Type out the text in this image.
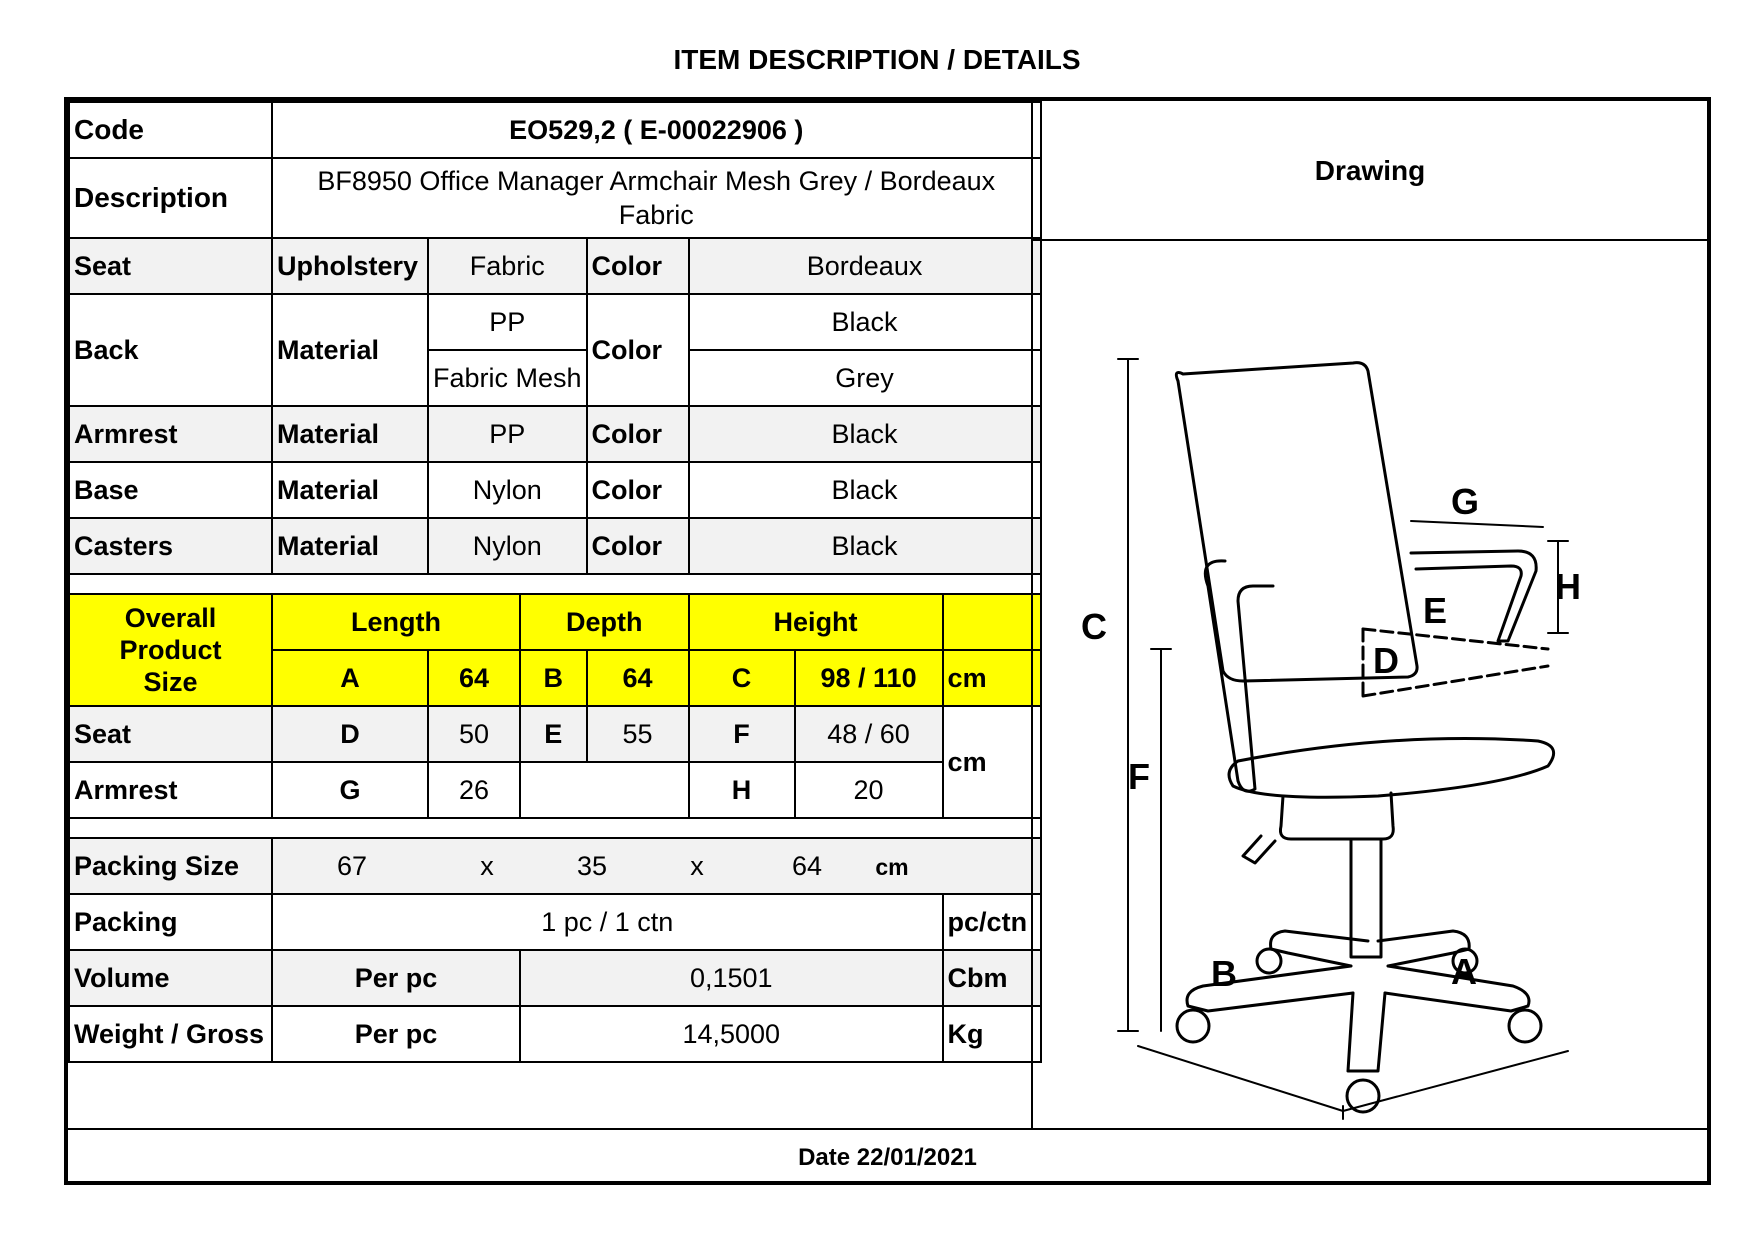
ITEM DESCRIPTION / DETAILS
Code	EO529,2 ( E-00022906 )						
Description	BF8950 Office Manager Armchair Mesh Grey / Bordeaux
Fabric						

Seat	Upholstery	Fabric		Color	Bordeaux		
Back	Material	PP		Color	Black		
		Fabric Mesh			Grey		
Armrest	Material	PP		Color	Black		
Base	Material	Nylon		Color	Black		
Casters	Material	Nylon		Color	Black		

Overall Product
Size	Length		Depth		Height		
	A	64	B	64	C	98 / 110	cm
Seat	D	50	E	55	F	48 / 60	cm
Armrest	G	26			H	20	

Packing Size	67 x 35 x 64 cm						
Packing	1 pc / 1 ctn						pc/ctn
Volume	Per pc		0,1501				Cbm
Weight / Gross	Per pc		14,5000				Kg
Drawing
C
F
G
H
E
D
B	A
Date 22/01/2021
